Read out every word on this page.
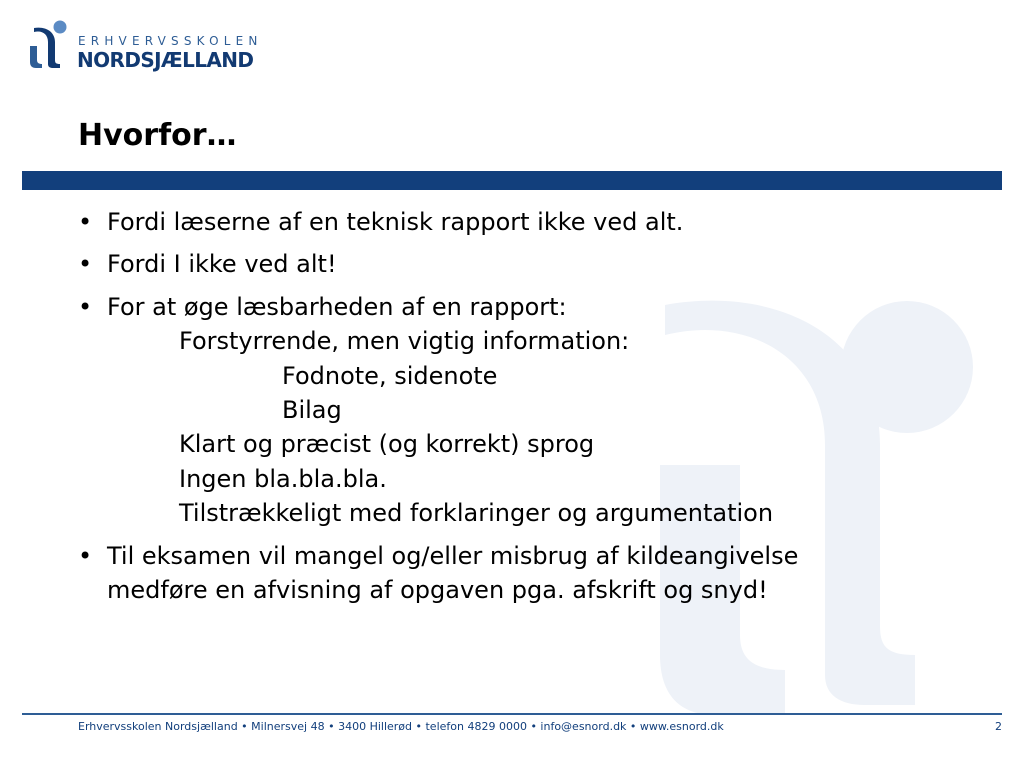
ERHVERVSSKOLEN
NORDSJÆLLAND
Hvorfor…
• Fordi læserne af en teknisk rapport ikke ved alt.
• Fordi I ikke ved alt!
• For at øge læsbarheden af en rapport:
Forstyrrende, men vigtig information:
Fodnote, sidenote
Bilag
Klart og præcist (og korrekt) sprog
Ingen bla.bla.bla.
Tilstrækkeligt med forklaringer og argumentation
• Til eksamen vil mangel og/eller misbrug af kildeangivelse
medføre en afvisning af opgaven pga. afskrift og snyd!
Erhvervsskolen Nordsjælland • Milnersvej 48 • 3400 Hillerød • telefon 4829 0000 • info@esnord.dk • www.esnord.dk	2
